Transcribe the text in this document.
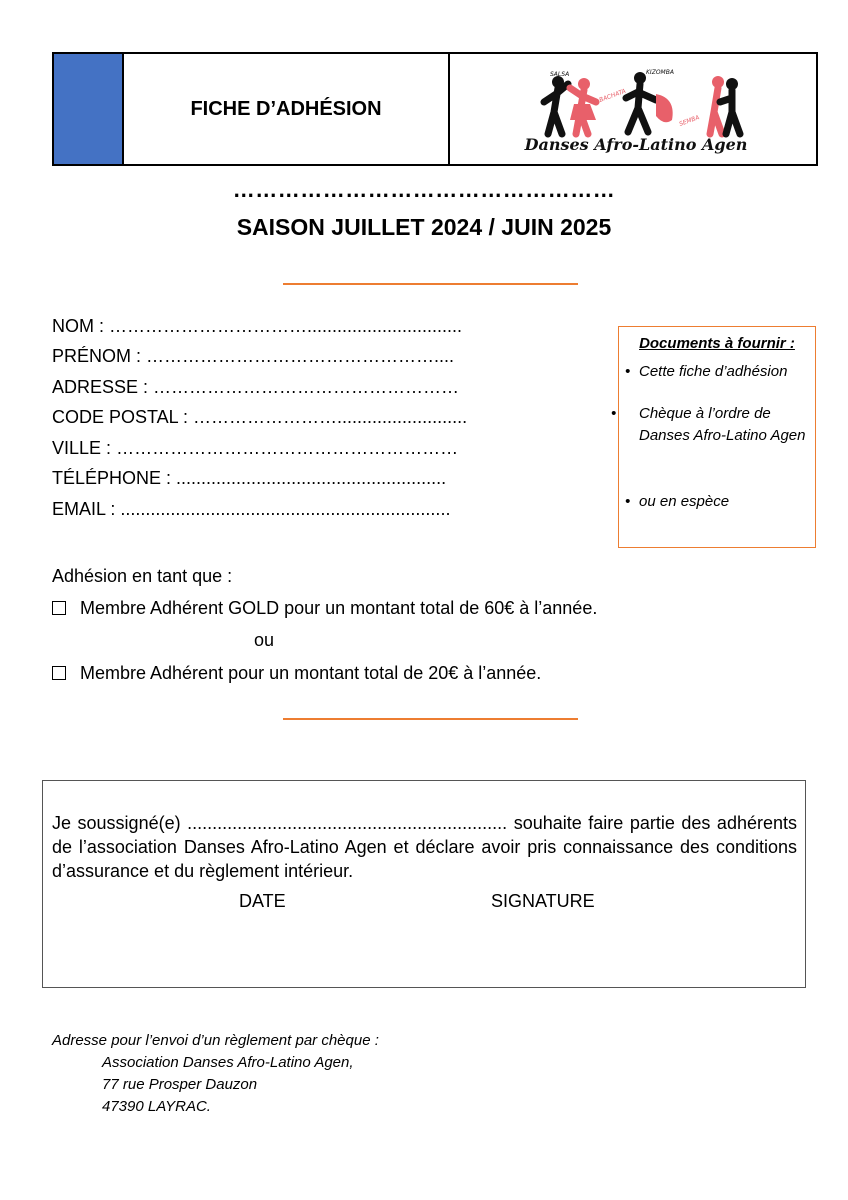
FICHE D’ADHÉSION
SALSA
BACHATA
KIZOMBA
SEMBA
Danses Afro-Latino Agen
……………………………………………
SAISON JUILLET 2024 / JUIN 2025
NOM : ……………………………...............................
PRÉNOM : …………………………………………....
ADRESSE : ……………………………………………
CODE POSTAL : ……………………..........................
VILLE : …………………………………………………
TÉLÉPHONE : ......................................................
EMAIL : ..................................................................
Documents à fournir :
• Cette fiche d’adhésion
• Chèque à l’ordre de Danses Afro-Latino Agen
• ou en espèce
Adhésion en tant que :
Membre Adhérent GOLD pour un montant total de 60€ à l’année.
ou
Membre Adhérent pour un montant total de 20€ à l’année.
Je soussigné(e) ................................................................ souhaite faire partie des adhérents de l’association Danses Afro-Latino Agen et déclare avoir pris connaissance des conditions d’assurance et du règlement intérieur.
DATE	SIGNATURE
Adresse pour l’envoi d’un règlement par chèque :
Association Danses Afro-Latino Agen,
77 rue Prosper Dauzon
47390 LAYRAC.
